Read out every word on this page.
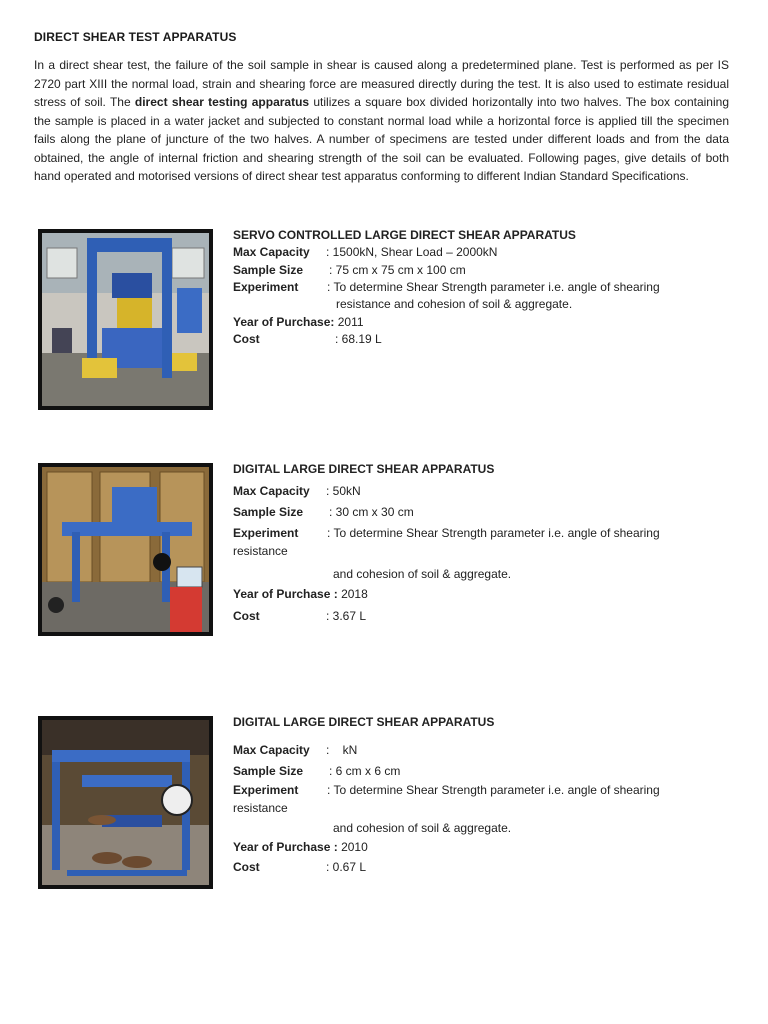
DIRECT SHEAR TEST APPARATUS
In a direct shear test, the failure of the soil sample in shear is caused along a predetermined plane. Test is performed as per IS 2720 part XIII the normal load, strain and shearing force are measured directly during the test. It is also used to estimate residual stress of soil. The direct shear testing apparatus utilizes a square box divided horizontally into two halves. The box containing the sample is placed in a water jacket and subjected to constant normal load while a horizontal force is applied till the specimen fails along the plane of juncture of the two halves. A number of specimens are tested under different loads and from the data obtained, the angle of internal friction and shearing strength of the soil can be evaluated. Following pages, give details of both hand operated and motorised versions of direct shear test apparatus conforming to different Indian Standard Specifications.
SERVO CONTROLLED LARGE DIRECT SHEAR APPARATUS
Max Capacity : 1500kN, Shear Load – 2000kN
Sample Size : 75 cm x 75 cm x 100 cm
Experiment : To determine Shear Strength parameter i.e. angle of shearing
resistance and cohesion of soil & aggregate.
Year of Purchase: 2011
Cost	: 68.19 L
DIGITAL LARGE DIRECT SHEAR APPARATUS
Max Capacity : 50kN
Sample Size : 30 cm x 30 cm
Experiment : To determine Shear Strength parameter i.e. angle of shearing
resistance
and cohesion of soil & aggregate.
Year of Purchase : 2018
Cost	: 3.67 L
DIGITAL LARGE DIRECT SHEAR APPARATUS
Max Capacity :    kN
Sample Size : 6 cm x 6 cm
Experiment : To determine Shear Strength parameter i.e. angle of shearing
resistance
and cohesion of soil & aggregate.
Year of Purchase : 2010
Cost	: 0.67 L
